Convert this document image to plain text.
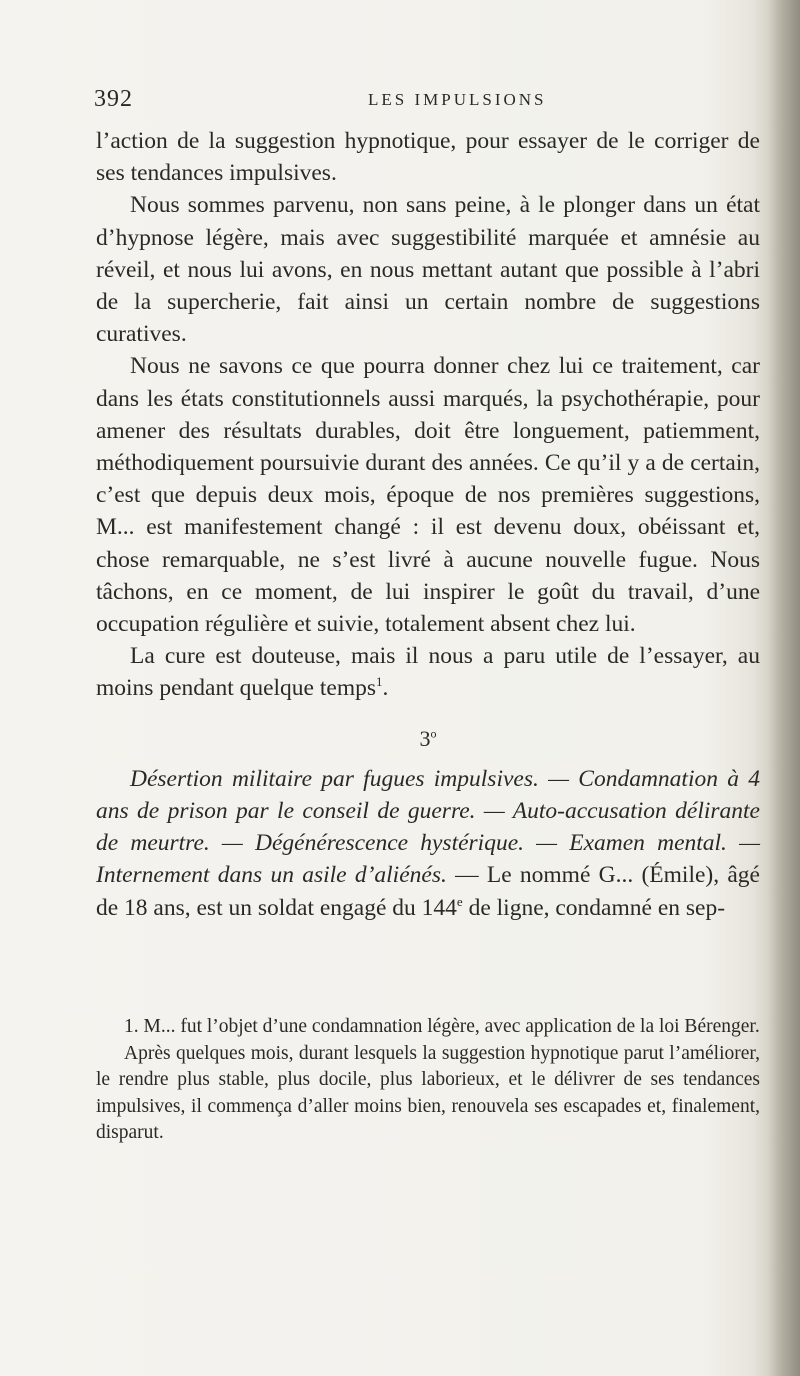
392	LES IMPULSIONS

l’action de la suggestion hypnotique, pour essayer de le corriger de ses tendances impulsives.

Nous sommes parvenu, non sans peine, à le plonger dans un état d’hypnose légère, mais avec suggestibilité marquée et amnésie au réveil, et nous lui avons, en nous mettant autant que possible à l’abri de la supercherie, fait ainsi un certain nombre de suggestions curatives.

Nous ne savons ce que pourra donner chez lui ce traitement, car dans les états constitutionnels aussi marqués, la psychothérapie, pour amener des résultats durables, doit être longuement, patiemment, méthodiquement poursuivie durant des années. Ce qu’il y a de certain, c’est que depuis deux mois, époque de nos premières suggestions, M... est manifestement changé : il est devenu doux, obéissant et, chose remarquable, ne s’est livré à aucune nouvelle fugue. Nous tâchons, en ce moment, de lui inspirer le goût du travail, d’une occupation régulière et suivie, totalement absent chez lui.

La cure est douteuse, mais il nous a paru utile de l’essayer, au moins pendant quelque temps$^1$.

3$^o$

Désertion militaire par fugues impulsives. — Condamnation à 4 ans de prison par le conseil de guerre. — Auto-accusation délirante de meurtre. — Dégénérescence hystérique. — Examen mental. — Internement dans un asile d’aliénés. — Le nommé G... (Émile), âgé de 18 ans, est un soldat engagé du 144e de ligne, condamné en sep-

1. M... fut l’objet d’une condamnation légère, avec application de la loi Bérenger.

Après quelques mois, durant lesquels la suggestion hypnotique parut l’améliorer, le rendre plus stable, plus docile, plus laborieux, et le délivrer de ses tendances impulsives, il commença d’aller moins bien, renouvela ses escapades et, finalement, disparut.
